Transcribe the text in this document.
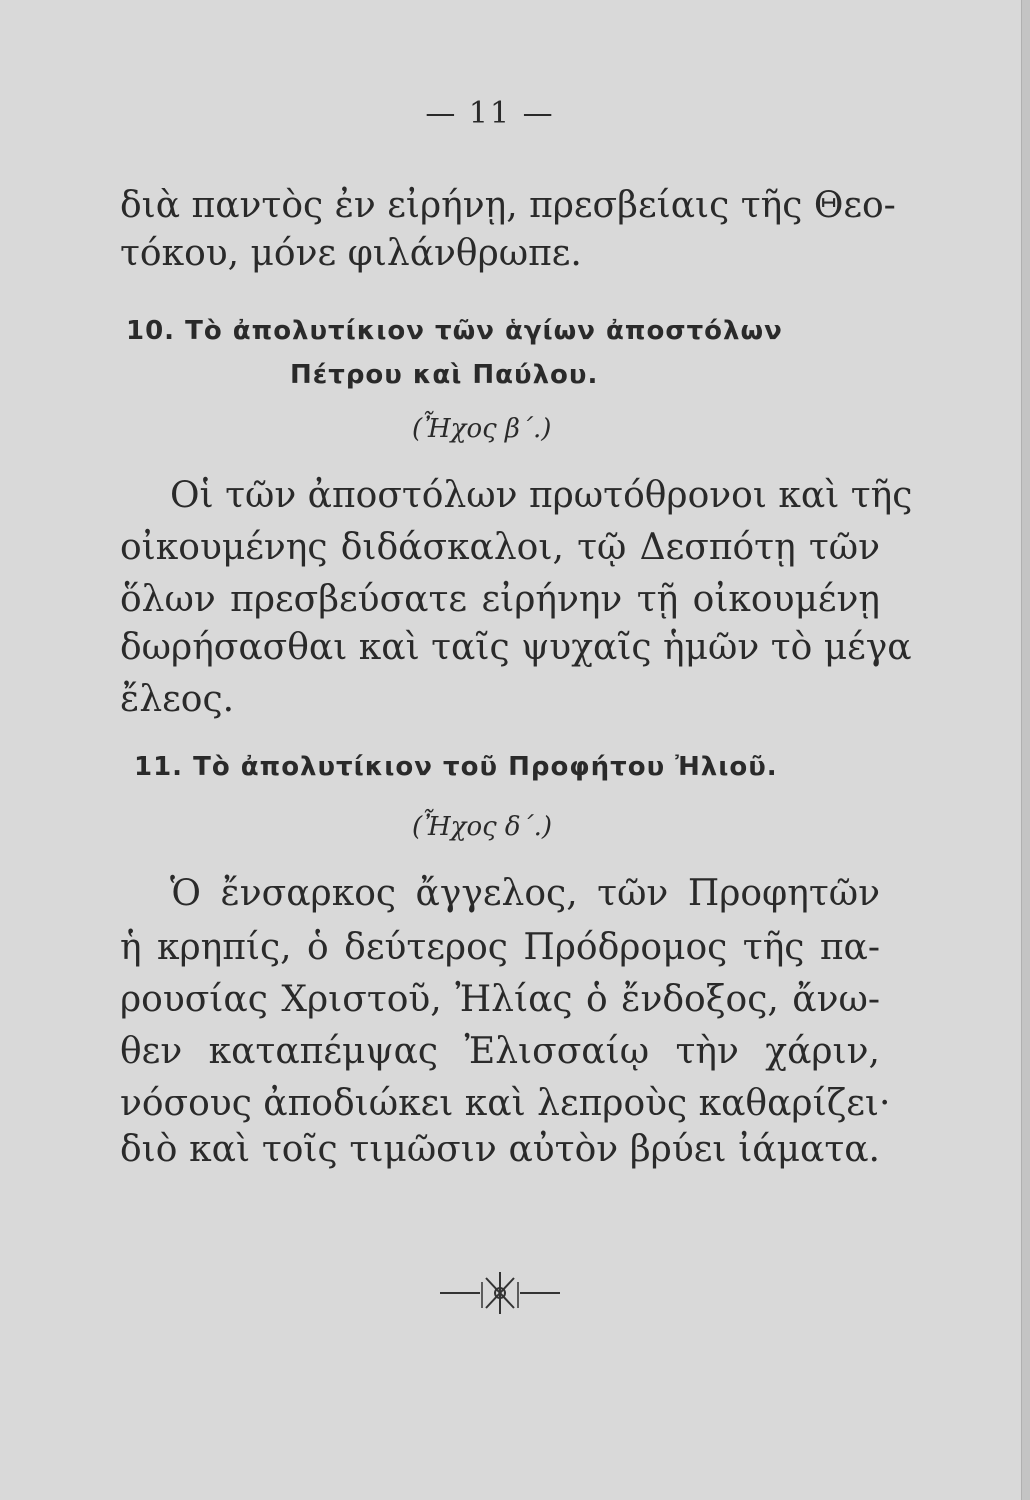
— 11 —
διὰ παντὸς ἐν εἰρήνῃ, πρεσβείαις τῆς Θεο-
τόκου, μόνε φιλάνθρωπε.
10. Τὸ ἀπολυτίκιον τῶν ἁγίων ἀποστόλων
Πέτρου καὶ Παύλου.
(Ἦχος β΄.)
Οἱ τῶν ἀποστόλων πρωτόθρονοι καὶ τῆς
οἰκουμένης διδάσκαλοι, τῷ Δεσπότῃ τῶν
ὅλων πρεσβεύσατε εἰρήνην τῇ οἰκουμένῃ
δωρήσασθαι καὶ ταῖς ψυχαῖς ἡμῶν τὸ μέγα
ἔλεος.
11. Τὸ ἀπολυτίκιον τοῦ Προφήτου Ἠλιοῦ.
(Ἦχος δ΄.)
Ὁ ἔνσαρκος ἄγγελος, τῶν Προφητῶν
ἡ κρηπίς, ὁ δεύτερος Πρόδρομος τῆς πα-
ρουσίας Χριστοῦ, Ἠλίας ὁ ἔνδοξος, ἄνω-
θεν καταπέμψας Ἐλισσαίῳ τὴν χάριν,
νόσους ἀποδιώκει καὶ λεπροὺς καθαρίζει·
διὸ καὶ τοῖς τιμῶσιν αὐτὸν βρύει ἰάματα.
